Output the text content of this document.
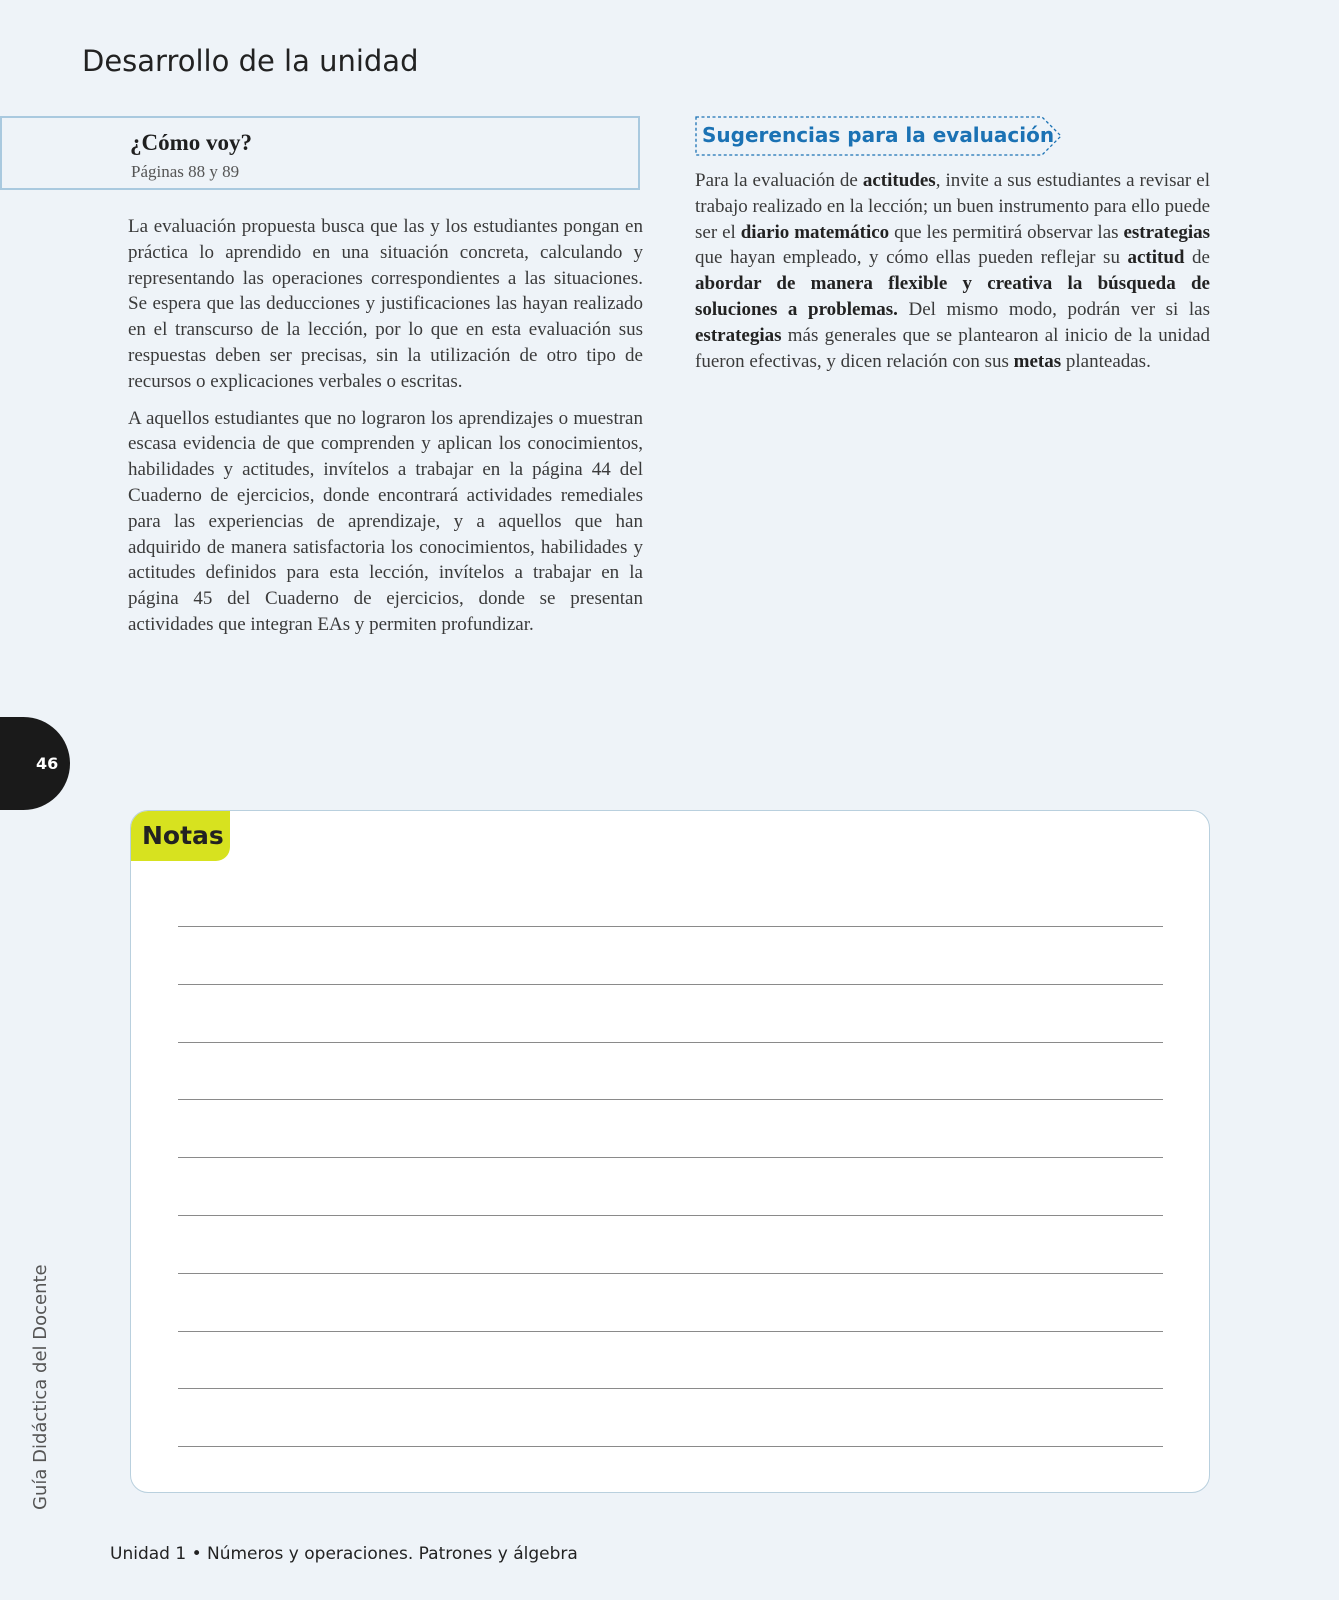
Desarrollo de la unidad
¿Cómo voy?
Páginas 88 y 89

La evaluación propuesta busca que las y los estudiantes pongan en práctica lo aprendido en una situación concreta, calculando y representando las operaciones correspondientes a las situaciones. Se espera que las deducciones y justificaciones las hayan realizado en el transcurso de la lección, por lo que en esta evaluación sus respuestas deben ser precisas, sin la utilización de otro tipo de recursos o explicaciones verbales o escritas.

A aquellos estudiantes que no lograron los aprendizajes o muestran escasa evidencia de que comprenden y aplican los conocimientos, habilidades y actitudes, invítelos a trabajar en la página 44 del Cuaderno de ejercicios, donde encontrará actividades remediales para las experiencias de aprendizaje, y a aquellos que han adquirido de manera satisfactoria los conocimientos, habilidades y actitudes definidos para esta lección, invítelos a trabajar en la página 45 del Cuaderno de ejercicios, donde se presentan actividades que integran EAs y permiten profundizar.

Sugerencias para la evaluación

Para la evaluación de actitudes, invite a sus estudiantes a revisar el trabajo realizado en la lección; un buen instrumento para ello puede ser el diario matemático que les permitirá observar las estrategias que hayan empleado, y cómo ellas pueden reflejar su actitud de abordar de manera flexible y creativa la búsqueda de soluciones a problemas. Del mismo modo, podrán ver si las estrategias más generales que se plantearon al inicio de la unidad fueron efectivas, y dicen relación con sus metas planteadas.

46
Notas
Guía Didáctica del Docente
Unidad 1 • Números y operaciones. Patrones y álgebra
